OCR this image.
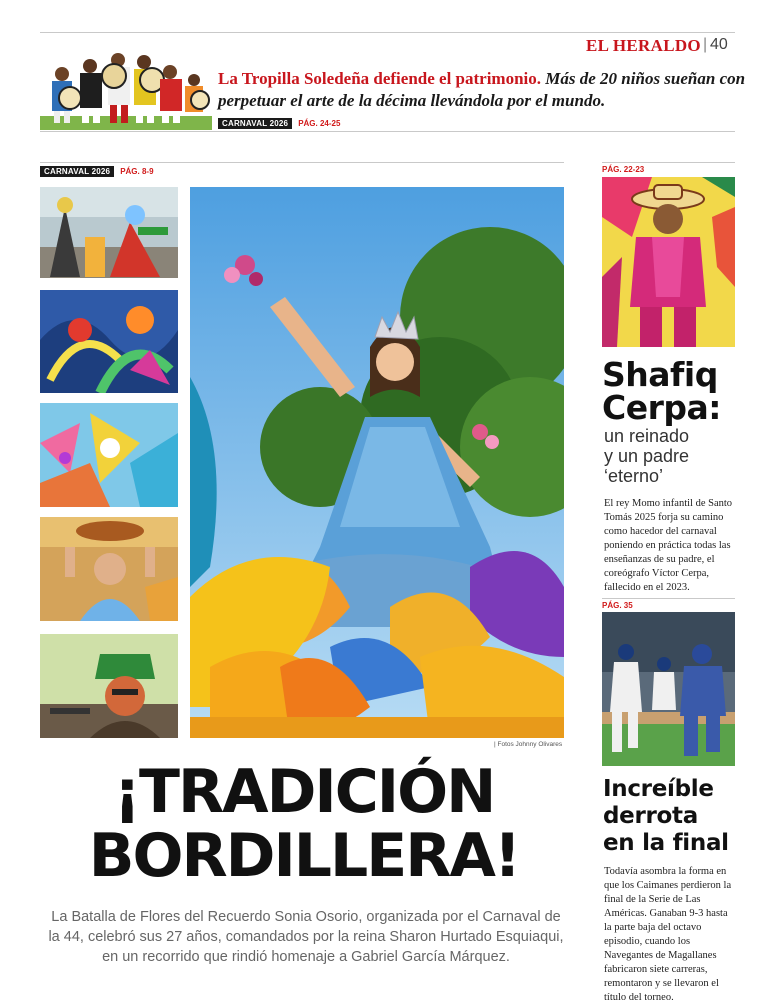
EL HERALDO | 40
La Tropilla Soledeña defiende el patrimonio. Más de 20 niños sueñan con perpetuar el arte de la décima llevándola por el mundo.
CARNAVAL 2026	PÁG. 24-25
CARNAVAL 2026	PÁG. 8-9
| Fotos Johnny Olivares
¡TRADICIÓN
BORDILLERA!
La Batalla de Flores del Recuerdo Sonia Osorio, organizada por el Carnaval de la 44, celebró sus 27 años, comandados por la reina Sharon Hurtado Esquiaqui, en un recorrido que rindió homenaje a Gabriel García Márquez.
PÁG. 22-23
Shafiq
Cerpa:
un reinado
y un padre
‘eterno’
El rey Momo infantil de Santo Tomás 2025 forja su camino como hacedor del carnaval poniendo en práctica todas las enseñanzas de su padre, el coreógrafo Víctor Cerpa, fallecido en el 2023.
PÁG. 35
Increíble
derrota
en la final
Todavía asombra la forma en que los Caimanes perdieron la final de la Serie de Las Américas. Ganaban 9-3 hasta la parte baja del octavo episodio, cuando los Navegantes de Magallanes fabricaron siete carreras, remontaron y se llevaron el título del torneo.
